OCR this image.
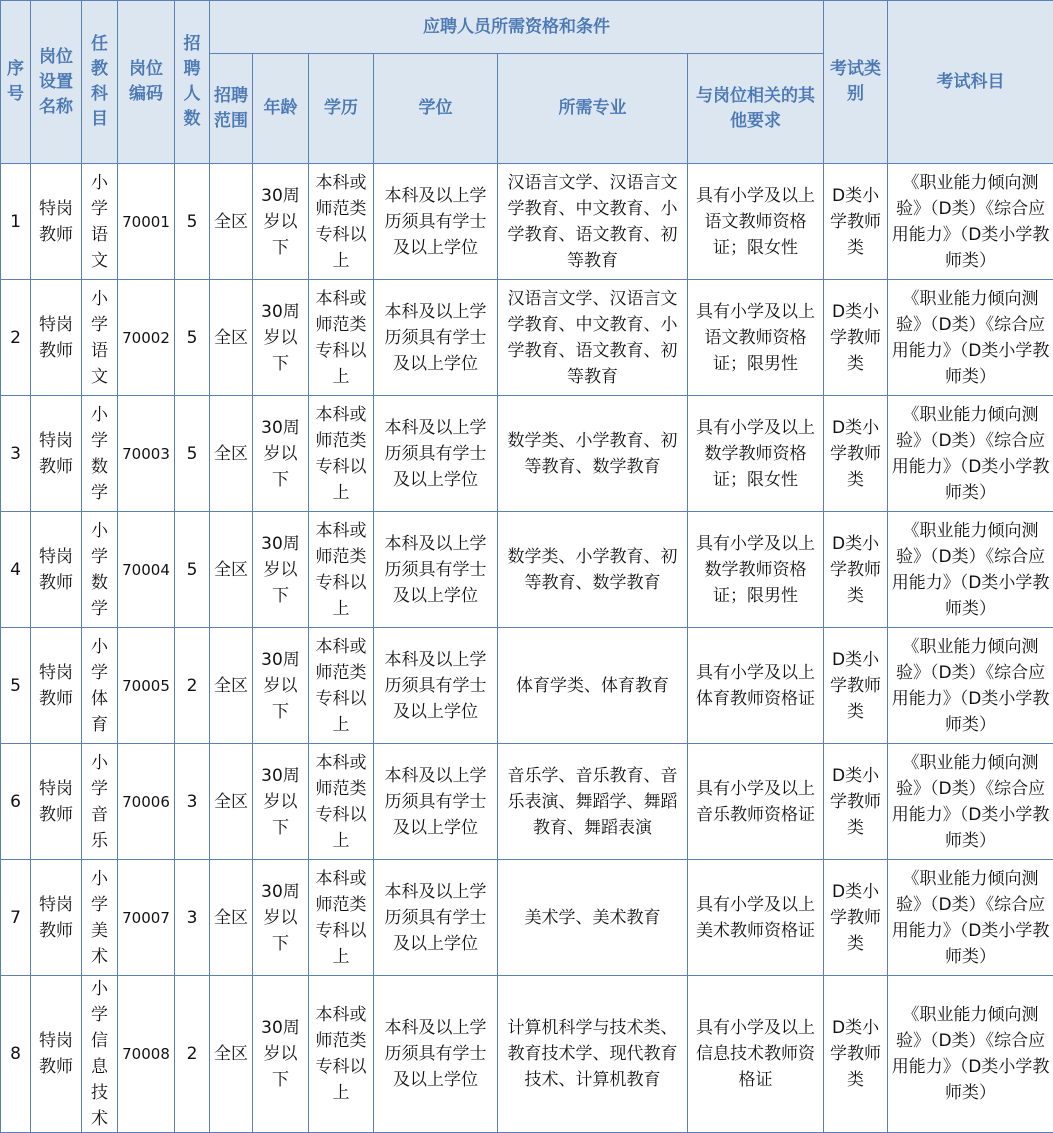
序号	岗位设置名称	任教科目	岗位编码	招聘人数	应聘人员所需资格和条件						考试类别	考试科目
					招聘范围	年龄	学历	学位	所需专业	与岗位相关的其他要求		
1	特岗教师	小学语文	70001	5	全区	30周岁以下	本科或师范类专科以上	本科及以上学历须具有学士及以上学位	汉语言文学、汉语言文学教育、中文教育、小学教育、语文教育、初等教育	具有小学及以上语文教师资格证；限女性	D类小学教师类	《职业能力倾向测验》（D类）《综合应用能力》（D类小学教师类）
2	特岗教师	小学语文	70002	5	全区	30周岁以下	本科或师范类专科以上	本科及以上学历须具有学士及以上学位	汉语言文学、汉语言文学教育、中文教育、小学教育、语文教育、初等教育	具有小学及以上语文教师资格证；限男性	D类小学教师类	《职业能力倾向测验》（D类）《综合应用能力》（D类小学教师类）
3	特岗教师	小学数学	70003	5	全区	30周岁以下	本科或师范类专科以上	本科及以上学历须具有学士及以上学位	数学类、小学教育、初等教育、数学教育	具有小学及以上数学教师资格证；限女性	D类小学教师类	《职业能力倾向测验》（D类）《综合应用能力》（D类小学教师类）
4	特岗教师	小学数学	70004	5	全区	30周岁以下	本科或师范类专科以上	本科及以上学历须具有学士及以上学位	数学类、小学教育、初等教育、数学教育	具有小学及以上数学教师资格证；限男性	D类小学教师类	《职业能力倾向测验》（D类）《综合应用能力》（D类小学教师类）
5	特岗教师	小学体育	70005	2	全区	30周岁以下	本科或师范类专科以上	本科及以上学历须具有学士及以上学位	体育学类、体育教育	具有小学及以上体育教师资格证	D类小学教师类	《职业能力倾向测验》（D类）《综合应用能力》（D类小学教师类）
6	特岗教师	小学音乐	70006	3	全区	30周岁以下	本科或师范类专科以上	本科及以上学历须具有学士及以上学位	音乐学、音乐教育、音乐表演、舞蹈学、舞蹈教育、舞蹈表演	具有小学及以上音乐教师资格证	D类小学教师类	《职业能力倾向测验》（D类）《综合应用能力》（D类小学教师类）
7	特岗教师	小学美术	70007	3	全区	30周岁以下	本科或师范类专科以上	本科及以上学历须具有学士及以上学位	美术学、美术教育	具有小学及以上美术教师资格证	D类小学教师类	《职业能力倾向测验》（D类）《综合应用能力》（D类小学教师类）
8	特岗教师	小学信息技术	70008	2	全区	30周岁以下	本科或师范类专科以上	本科及以上学历须具有学士及以上学位	计算机科学与技术类、教育技术学、现代教育技术、计算机教育	具有小学及以上信息技术教师资格证	D类小学教师类	《职业能力倾向测验》（D类）《综合应用能力》（D类小学教师类）
